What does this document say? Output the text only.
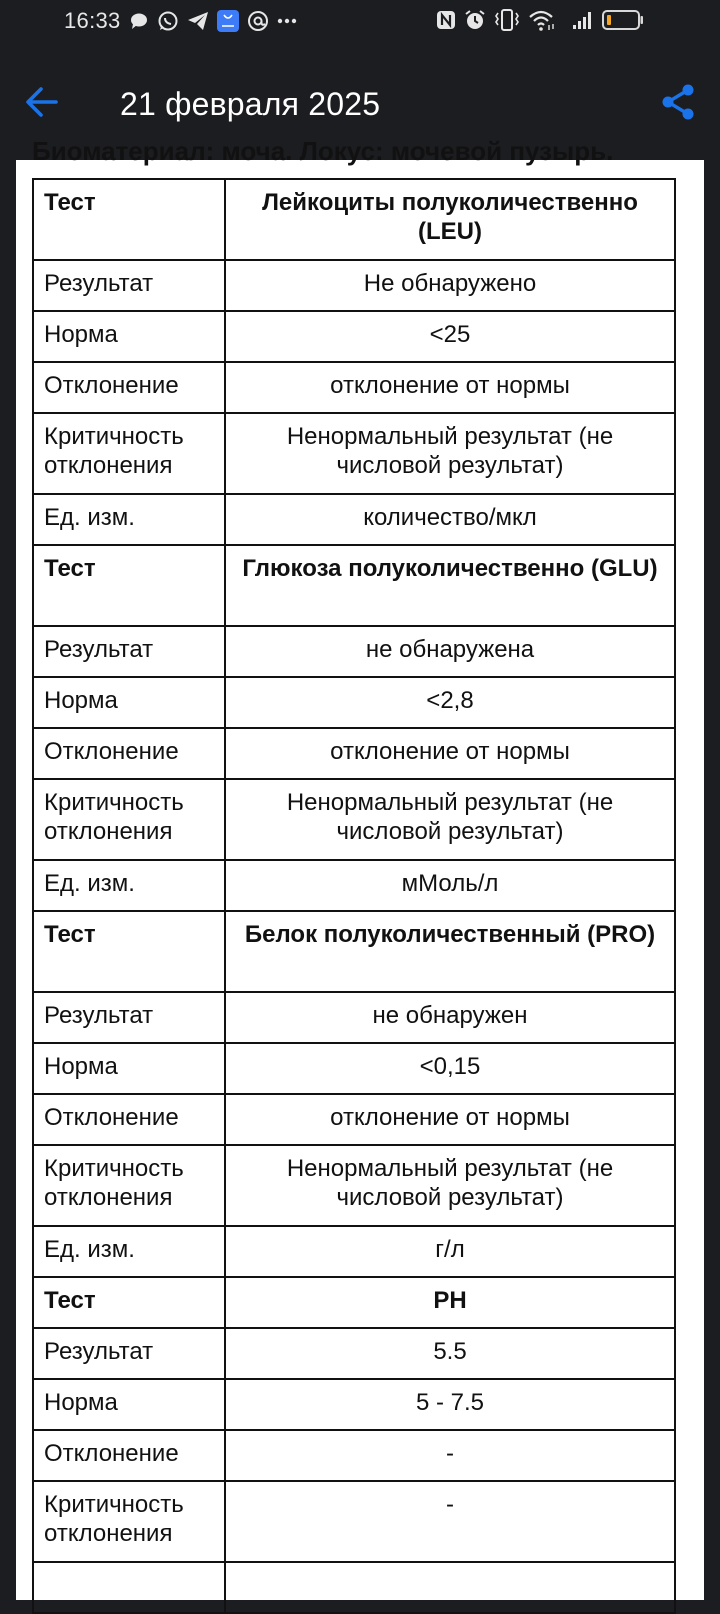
16:33
21 февраля 2025
Биоматериал: моча. Локус: мочевой пузырь.
Тест	Лейкоциты полуколичественно (LEU)
Результат	Не обнаружено
Норма	<25
Отклонение	отклонение от нормы
Критичность отклонения	Ненормальный результат (не числовой результат)
Ед. изм.	количество/мкл
Тест	Глюкоза полуколичественно (GLU)
Результат	не обнаружена
Норма	<2,8
Отклонение	отклонение от нормы
Критичность отклонения	Ненормальный результат (не числовой результат)
Ед. изм.	мМоль/л
Тест	Белок полуколичественный (PRO)
Результат	не обнаружен
Норма	<0,15
Отклонение	отклонение от нормы
Критичность отклонения	Ненормальный результат (не числовой результат)
Ед. изм.	г/л
Тест	PH
Результат	5.5
Норма	5 - 7.5
Отклонение	-
Критичность отклонения	-
